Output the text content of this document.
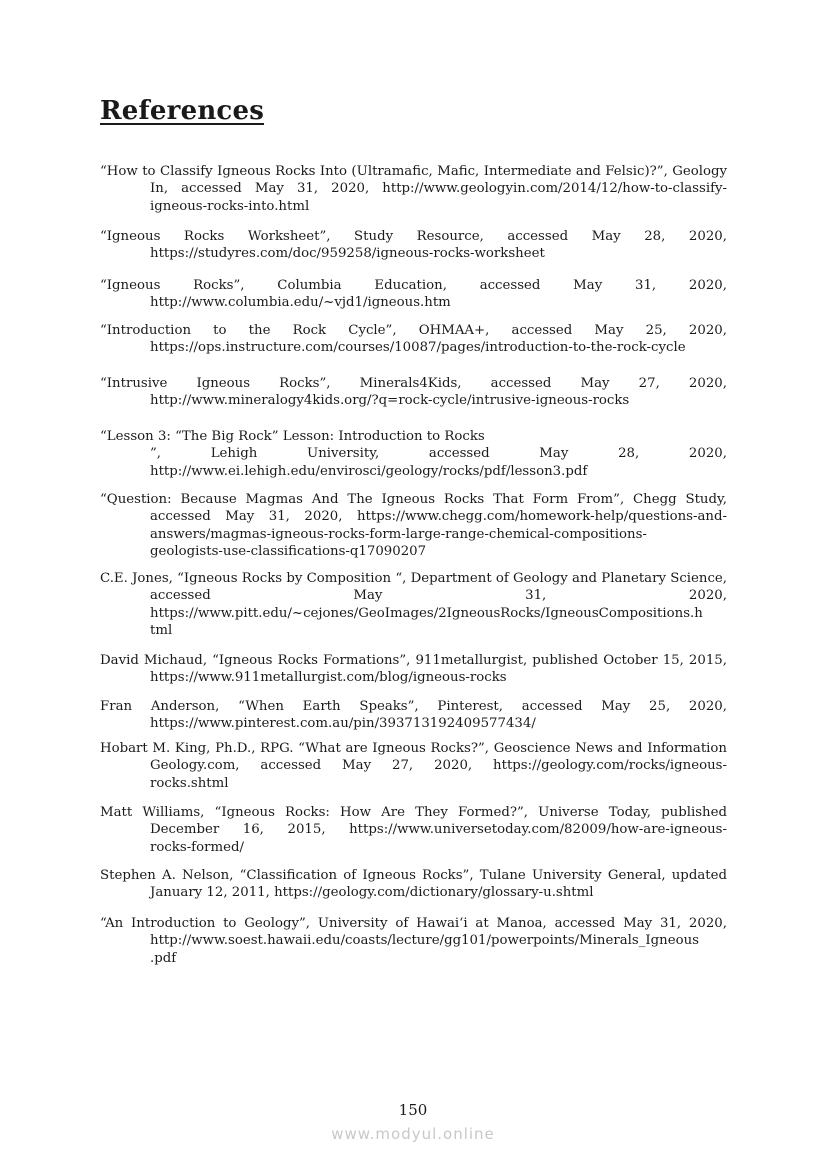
References

“How to Classify Igneous Rocks Into (Ultramafic, Mafic, Intermediate and Felsic)?”, Geology
In, accessed May 31, 2020, http://www.geologyin.com/2014/12/how-to-classify-
igneous-rocks-into.html

“Igneous Rocks Worksheet”, Study Resource, accessed May 28, 2020,
https://studyres.com/doc/959258/igneous-rocks-worksheet

“Igneous Rocks”, Columbia Education, accessed May 31, 2020,
http://www.columbia.edu/~vjd1/igneous.htm

“Introduction to the Rock Cycle”, OHMAA+, accessed May 25, 2020,
https://ops.instructure.com/courses/10087/pages/introduction-to-the-rock-cycle

“Intrusive Igneous Rocks”, Minerals4Kids, accessed May 27, 2020,
http://www.mineralogy4kids.org/?q=rock-cycle/intrusive-igneous-rocks

“Lesson 3: “The Big Rock” Lesson: Introduction to Rocks
”, Lehigh University, accessed May 28, 2020,
http://www.ei.lehigh.edu/envirosci/geology/rocks/pdf/lesson3.pdf

“Question: Because Magmas And The Igneous Rocks That Form From”, Chegg Study,
accessed May 31, 2020, https://www.chegg.com/homework-help/questions-and-
answers/magmas-igneous-rocks-form-large-range-chemical-compositions-
geologists-use-classifications-q17090207

C.E. Jones, “Igneous Rocks by Composition “, Department of Geology and Planetary Science,
accessed May 31, 2020,
https://www.pitt.edu/~cejones/GeoImages/2IgneousRocks/IgneousCompositions.h
tml

David Michaud, “Igneous Rocks Formations”, 911metallurgist, published October 15, 2015,
https://www.911metallurgist.com/blog/igneous-rocks

Fran Anderson, “When Earth Speaks”, Pinterest, accessed May 25, 2020,
https://www.pinterest.com.au/pin/393713192409577434/

Hobart M. King, Ph.D., RPG. “What are Igneous Rocks?”, Geoscience News and Information
Geology.com, accessed May 27, 2020, https://geology.com/rocks/igneous-
rocks.shtml

Matt Williams, “Igneous Rocks: How Are They Formed?”, Universe Today, published
December 16, 2015, https://www.universetoday.com/82009/how-are-igneous-
rocks-formed/

Stephen A. Nelson, “Classification of Igneous Rocks”, Tulane University General, updated
January 12, 2011, https://geology.com/dictionary/glossary-u.shtml

“An Introduction to Geology”, University of Hawai‘i at Manoa, accessed May 31, 2020,
http://www.soest.hawaii.edu/coasts/lecture/gg101/powerpoints/Minerals_Igneous
.pdf

150
www.modyul.online
